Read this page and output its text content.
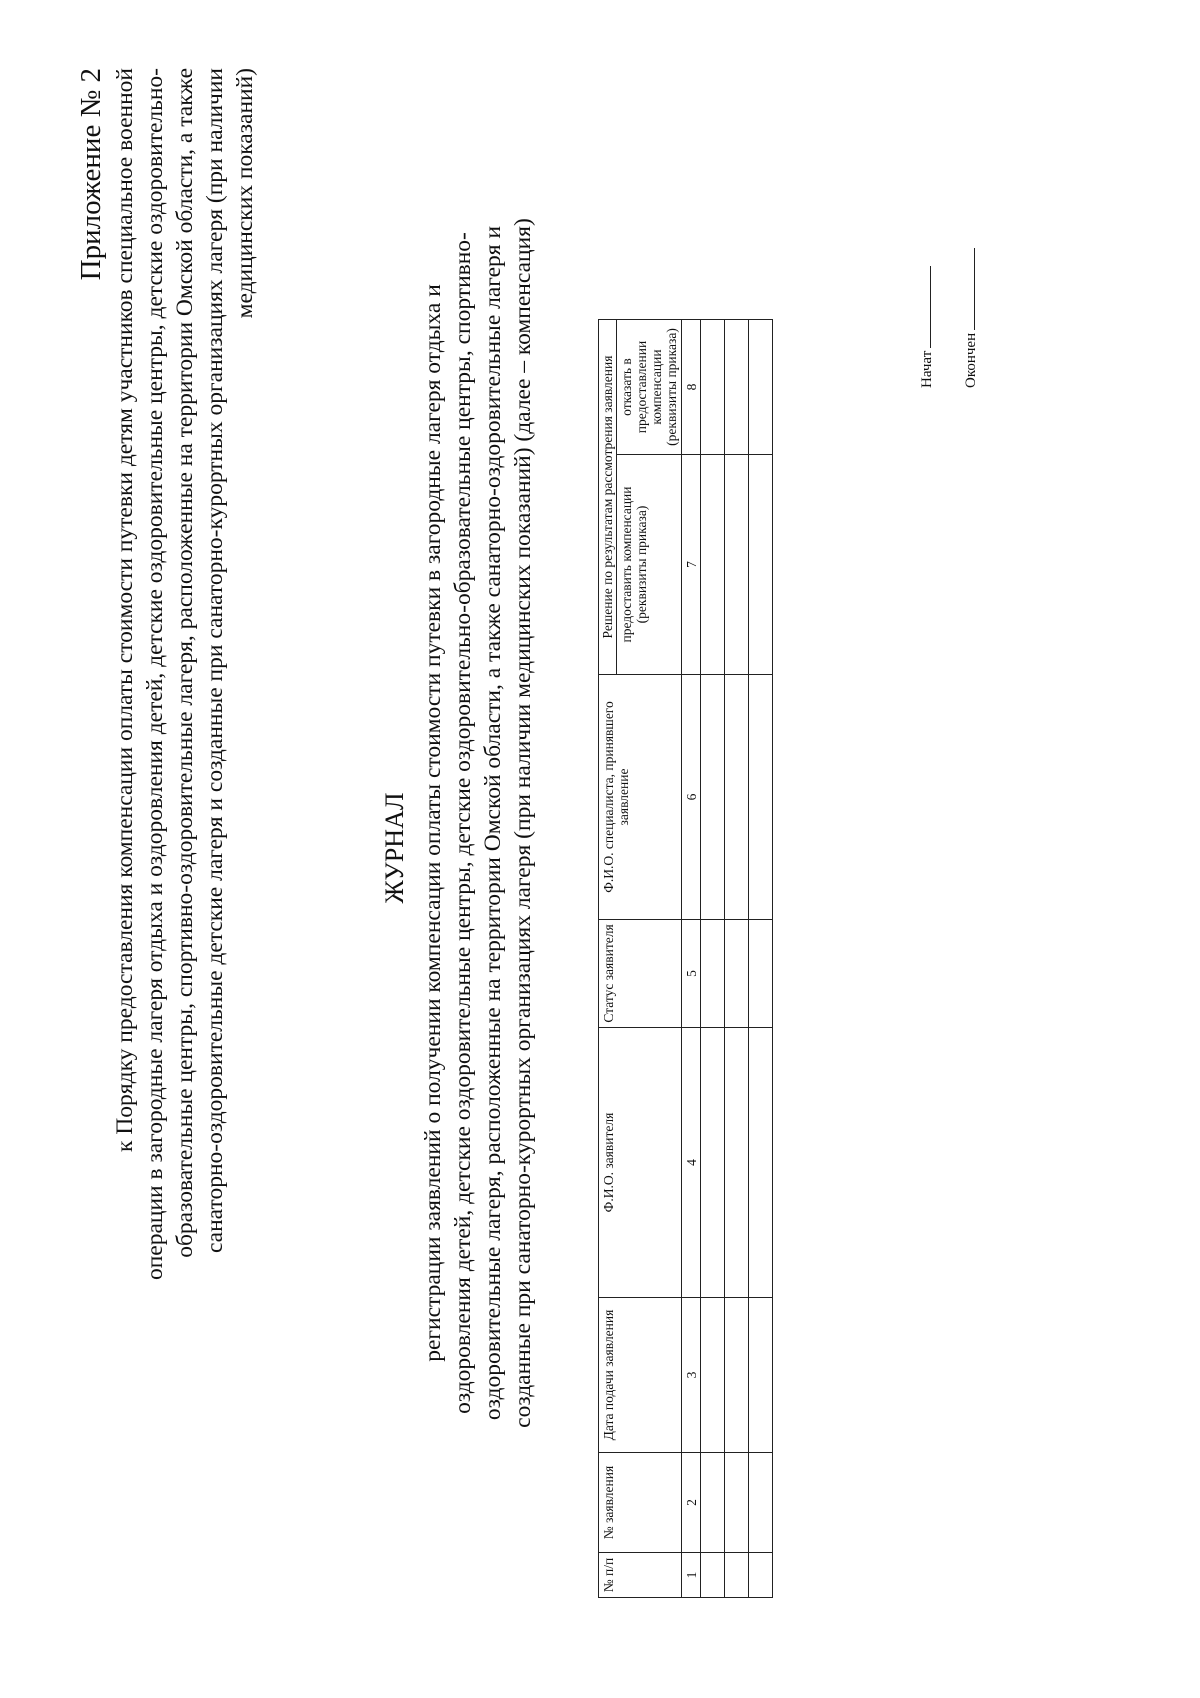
Приложение № 2 к Порядку предоставления компенсации оплаты стоимости путевки детям участников специальное военной операции в загородные лагеря отдыха и оздоровления детей, детские оздоровительные центры, детские оздоровительно- образовательные центры, спортивно-оздоровительные лагеря, расположенные на территории Омской области, а также санаторно-оздоровительные детские лагеря и созданные при санаторно-курортных организациях лагеря (при наличии медицинских показаний)
ЖУРНАЛ регистрации заявлений о получении компенсации оплаты стоимости путевки в загородные лагеря отдыха и оздоровления детей, детские оздоровительные центры, детские оздоровительно-образовательные центры, спортивно- оздоровительные лагеря, расположенные на территории Омской области, а также санаторно-оздоровительные лагеря и созданные при санаторно-курортных организациях лагеря (при наличии медицинских показаний) (далее – компенсация)
№ п/п	№ заявления	Дата подачи заявления	Ф.И.О. заявителя	Статус заявителя	Ф.И.О. специалиста, принявшего заявление	Решение по результатам рассмотрения заявления	
						предоставить компенсации (реквизиты приказа)	отказать в предоставлении компенсации (реквизиты приказа)
1	2	3	4	5	6	7	8

								Начат Окончен
